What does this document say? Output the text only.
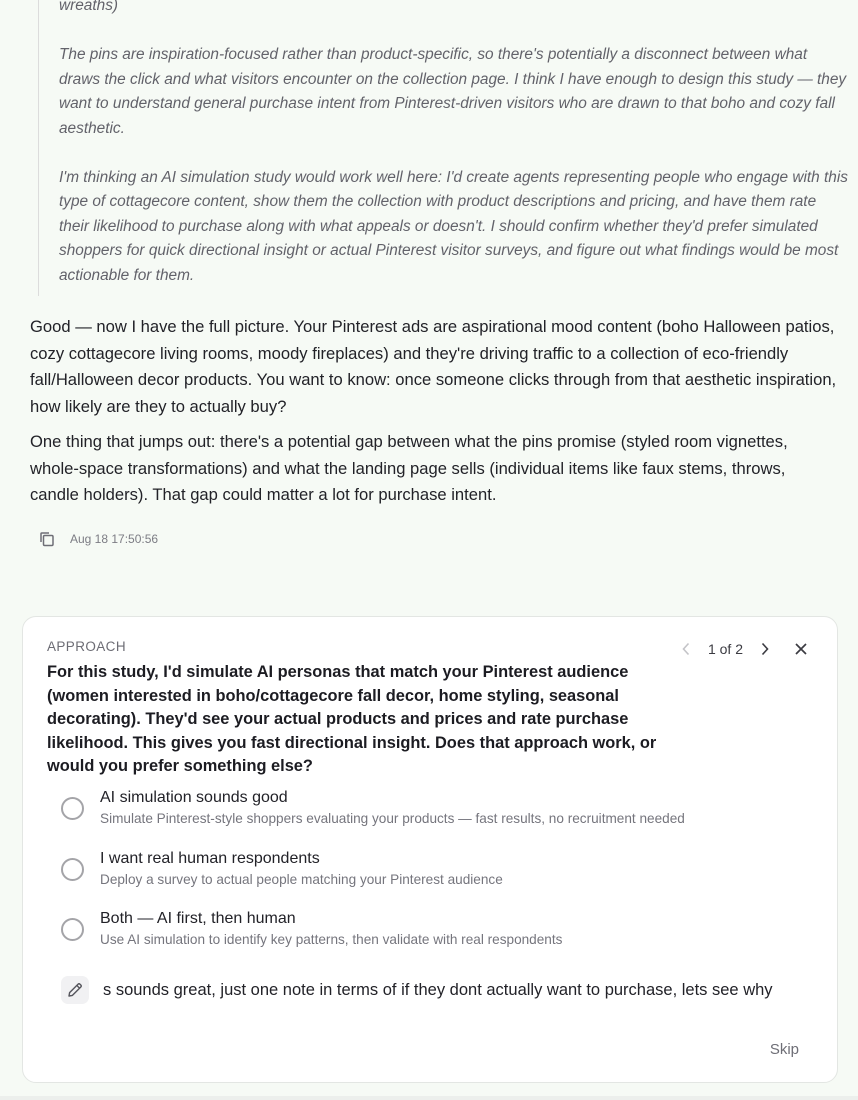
wreaths)

The pins are inspiration-focused rather than product-specific, so there's potentially a disconnect between what draws the click and what visitors encounter on the collection page. I think I have enough to design this study — they want to understand general purchase intent from Pinterest-driven visitors who are drawn to that boho and cozy fall aesthetic.

I'm thinking an AI simulation study would work well here: I'd create agents representing people who engage with this type of cottagecore content, show them the collection with product descriptions and pricing, and have them rate their likelihood to purchase along with what appeals or doesn't. I should confirm whether they'd prefer simulated shoppers for quick directional insight or actual Pinterest visitor surveys, and figure out what findings would be most actionable for them.

Good — now I have the full picture. Your Pinterest ads are aspirational mood content (boho Halloween patios, cozy cottagecore living rooms, moody fireplaces) and they're driving traffic to a collection of eco-friendly fall/Halloween decor products. You want to know: once someone clicks through from that aesthetic inspiration, how likely are they to actually buy?

One thing that jumps out: there's a potential gap between what the pins promise (styled room vignettes, whole-space transformations) and what the landing page sells (individual items like faux stems, throws, candle holders). That gap could matter a lot for purchase intent.

Aug 18 17:50:56
APPROACH	1 of 2
For this study, I'd simulate AI personas that match your Pinterest audience (women interested in boho/cottagecore fall decor, home styling, seasonal decorating). They'd see your actual products and prices and rate purchase likelihood. This gives you fast directional insight. Does that approach work, or would you prefer something else?
AI simulation sounds good
Simulate Pinterest-style shoppers evaluating your products — fast results, no recruitment needed
I want real human respondents
Deploy a survey to actual people matching your Pinterest audience
Both — AI first, then human
Use AI simulation to identify key patterns, then validate with real respondents
s sounds great, just one note in terms of if they dont actually want to purchase, lets see why
Skip
